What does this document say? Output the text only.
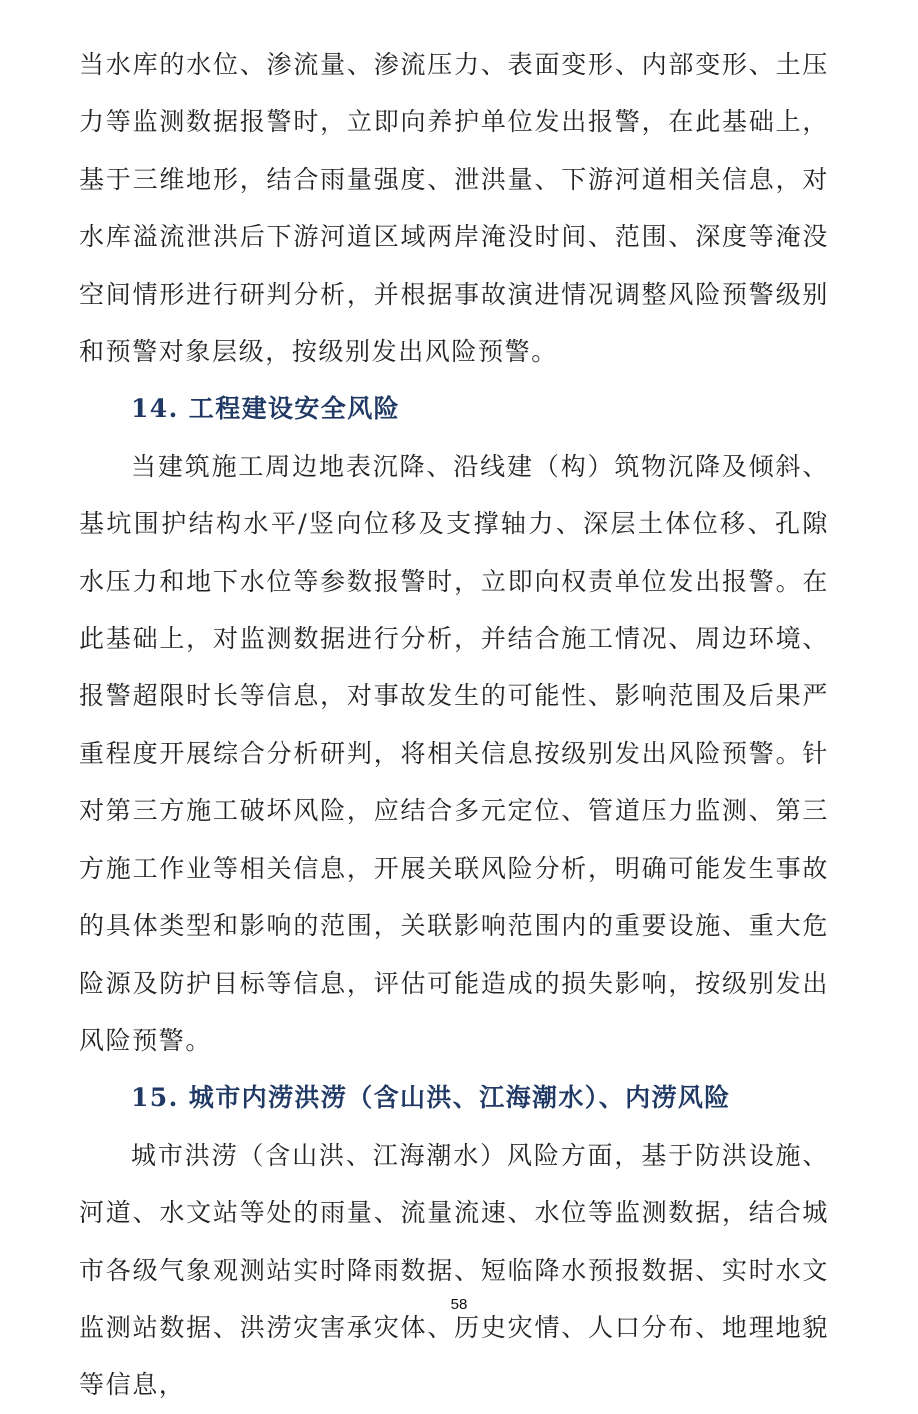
当水库的水位、渗流量、渗流压力、表面变形、内部变形、土压力等监测数据报警时，立即向养护单位发出报警，在此基础上，基于三维地形，结合雨量强度、泄洪量、下游河道相关信息，对水库溢流泄洪后下游河道区域两岸淹没时间、范围、深度等淹没空间情形进行研判分析，并根据事故演进情况调整风险预警级别和预警对象层级，按级别发出风险预警。

14. 工程建设安全风险

当建筑施工周边地表沉降、沿线建（构）筑物沉降及倾斜、基坑围护结构水平/竖向位移及支撑轴力、深层土体位移、孔隙水压力和地下水位等参数报警时，立即向权责单位发出报警。在此基础上，对监测数据进行分析，并结合施工情况、周边环境、报警超限时长等信息，对事故发生的可能性、影响范围及后果严重程度开展综合分析研判，将相关信息按级别发出风险预警。针对第三方施工破坏风险，应结合多元定位、管道压力监测、第三方施工作业等相关信息，开展关联风险分析，明确可能发生事故的具体类型和影响的范围，关联影响范围内的重要设施、重大危险源及防护目标等信息，评估可能造成的损失影响，按级别发出风险预警。

15. 城市内涝洪涝（含山洪、江海潮水）、内涝风险

城市洪涝（含山洪、江海潮水）风险方面，基于防洪设施、河道、水文站等处的雨量、流量流速、水位等监测数据，结合城市各级气象观测站实时降雨数据、短临降水预报数据、实时水文监测站数据、洪涝灾害承灾体、历史灾情、人口分布、地理地貌等信息，

58
